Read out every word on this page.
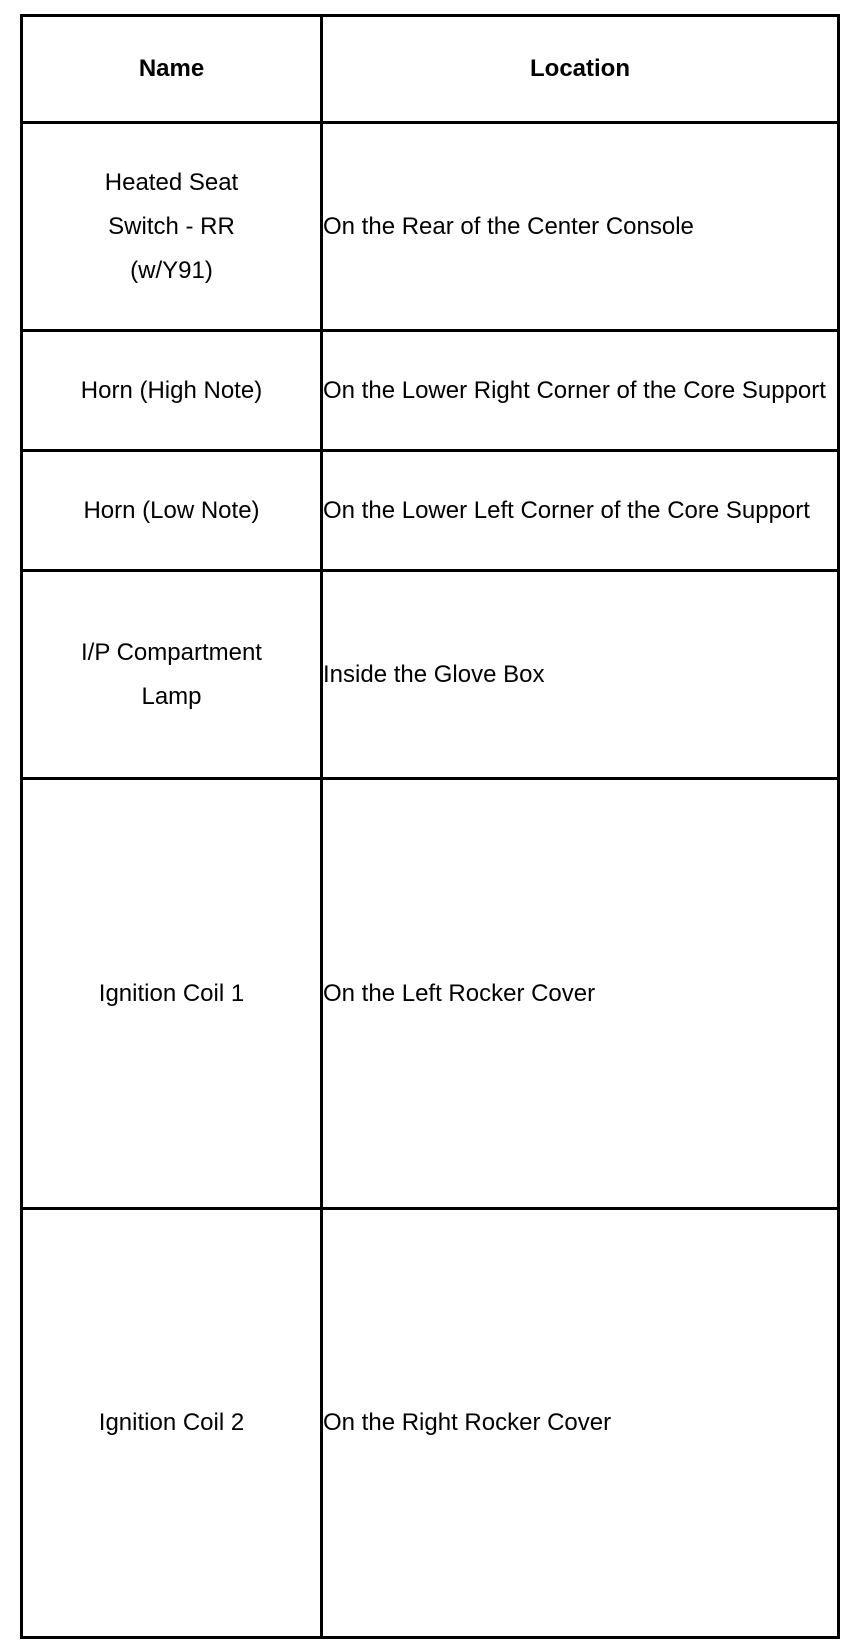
Name	Location

Heated Seat Switch - RR (w/Y91)	On the Rear of the Center Console
Horn (High Note)	On the Lower Right Corner of the Core Support
Horn (Low Note)	On the Lower Left Corner of the Core Support

I/P Compartment Lamp	Inside the Glove Box
Ignition Coil 1	On the Left Rocker Cover
Ignition Coil 2	On the Right Rocker Cover
